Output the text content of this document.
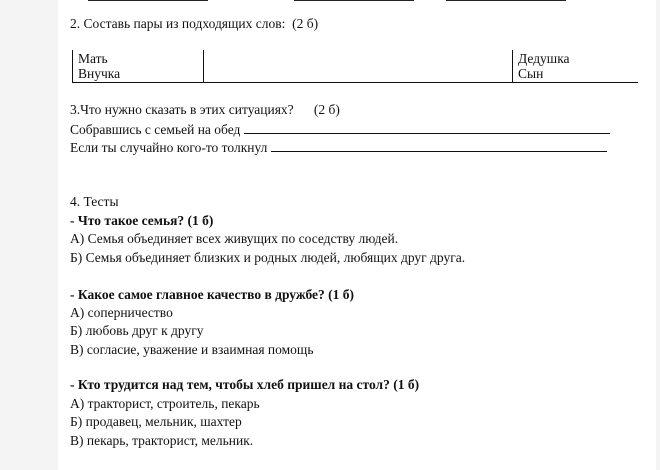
2. Составь пары из подходящих слов: (2 б)
Мать
Внучка
Дедушка
Сын
3.Что нужно сказать в этих ситуациях? (2 б)
Собравшись с семьей на обед
Если ты случайно кого-то толкнул
4. Тесты
- Что такое семья? (1 б)
А) Семья объединяет всех живущих по соседству людей.
Б) Семья объединяет близких и родных людей, любящих друг друга.
- Какое самое главное качество в дружбе? (1 б)
А) соперничество
Б) любовь друг к другу
В) согласие, уважение и взаимная помощь
- Кто трудится над тем, чтобы хлеб пришел на стол? (1 б)
А) тракторист, строитель, пекарь
Б) продавец, мельник, шахтер
В) пекарь, тракторист, мельник.
